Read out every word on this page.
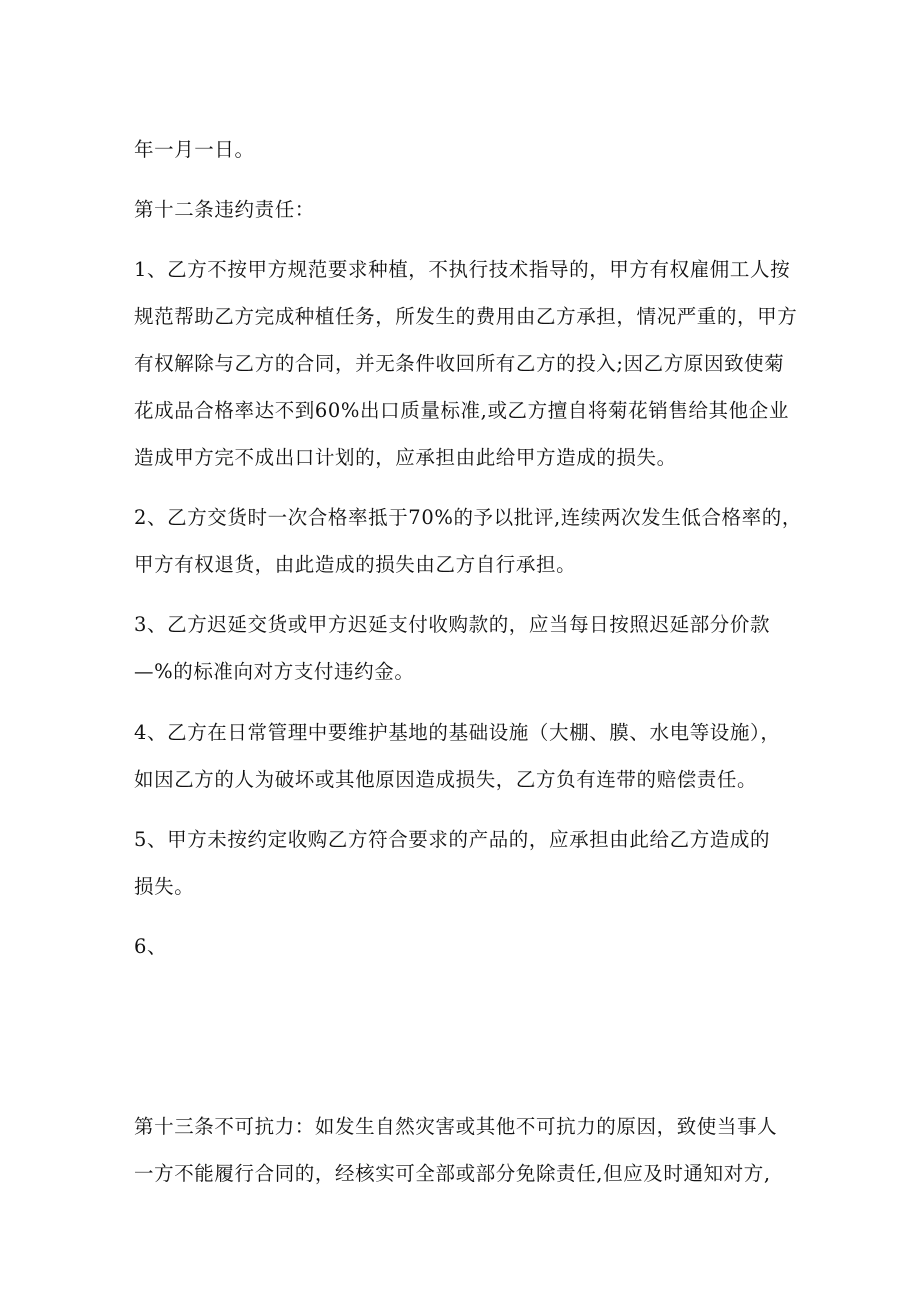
年一月一日。
第十二条违约责任：
1、乙方不按甲方规范要求种植，不执行技术指导的，甲方有权雇佣工人按
规范帮助乙方完成种植任务，所发生的费用由乙方承担，情况严重的，甲方
有权解除与乙方的合同，并无条件收回所有乙方的投入;因乙方原因致使菊
花成品合格率达不到60%出口质量标准,或乙方擅自将菊花销售给其他企业
造成甲方完不成出口计划的，应承担由此给甲方造成的损失。
2、乙方交货时一次合格率抵于70%的予以批评,连续两次发生低合格率的，
甲方有权退货，由此造成的损失由乙方自行承担。
3、乙方迟延交货或甲方迟延支付收购款的，应当每日按照迟延部分价款
—%的标准向对方支付违约金。
4、乙方在日常管理中要维护基地的基础设施（大棚、膜、水电等设施），
如因乙方的人为破坏或其他原因造成损失，乙方负有连带的赔偿责任。
5、甲方未按约定收购乙方符合要求的产品的，应承担由此给乙方造成的
损失。
6、
第十三条不可抗力：如发生自然灾害或其他不可抗力的原因，致使当事人
一方不能履行合同的，经核实可全部或部分免除责任,但应及时通知对方,
